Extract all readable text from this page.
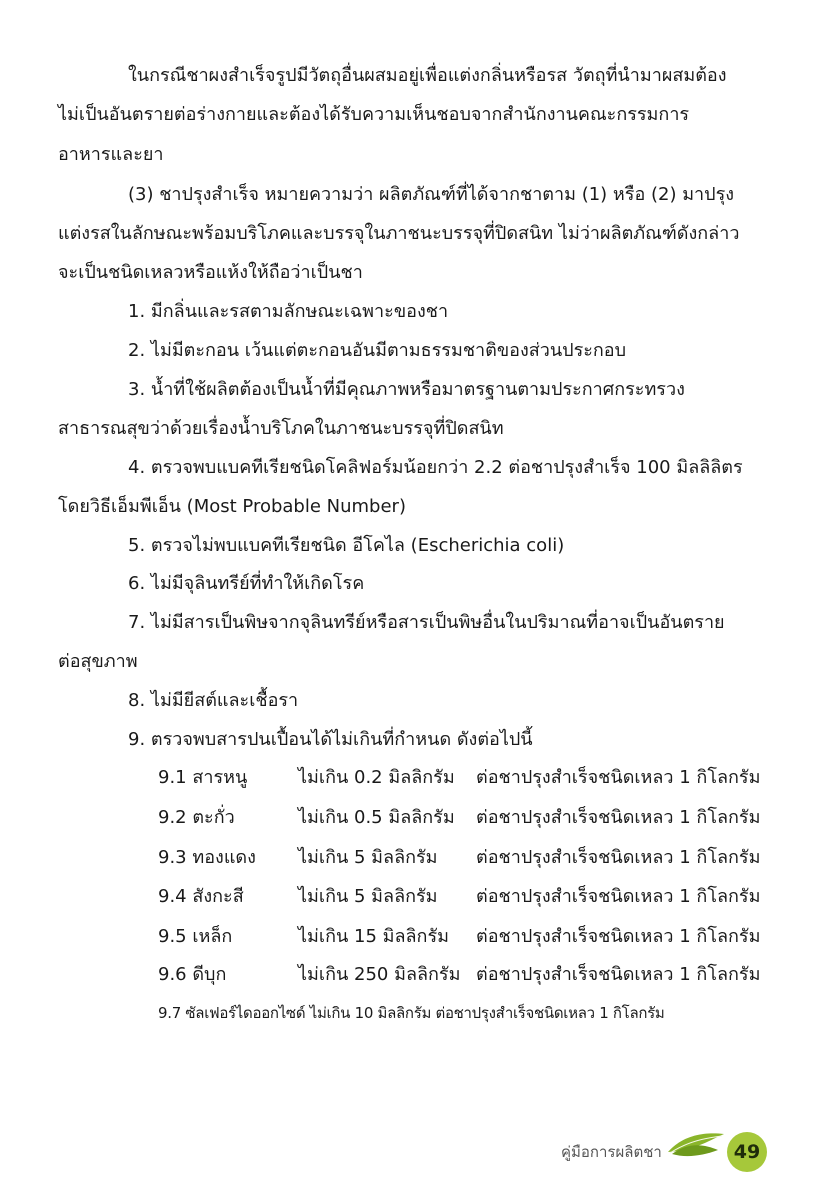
ในกรณีชาผงสำเร็จรูปมีวัตถุอื่นผสมอยู่เพื่อแต่งกลิ่นหรือรส วัตถุที่นำมาผสมต้อง
ไม่เป็นอันตรายต่อร่างกายและต้องได้รับความเห็นชอบจากสำนักงานคณะกรรมการ
อาหารและยา
(3) ชาปรุงสำเร็จ หมายความว่า ผลิตภัณฑ์ที่ได้จากชาตาม (1) หรือ (2) มาปรุง
แต่งรสในลักษณะพร้อมบริโภคและบรรจุในภาชนะบรรจุที่ปิดสนิท ไม่ว่าผลิตภัณฑ์ดังกล่าว
จะเป็นชนิดเหลวหรือแห้งให้ถือว่าเป็นชา
1. มีกลิ่นและรสตามลักษณะเฉพาะของชา
2. ไม่มีตะกอน เว้นแต่ตะกอนอันมีตามธรรมชาติของส่วนประกอบ
3. น้ำที่ใช้ผลิตต้องเป็นน้ำที่มีคุณภาพหรือมาตรฐานตามประกาศกระทรวง
สาธารณสุขว่าด้วยเรื่องน้ำบริโภคในภาชนะบรรจุที่ปิดสนิท
4. ตรวจพบแบคทีเรียชนิดโคลิฟอร์มน้อยกว่า 2.2 ต่อชาปรุงสำเร็จ 100 มิลลิลิตร
โดยวิธีเอ็มพีเอ็น (Most Probable Number)
5. ตรวจไม่พบแบคทีเรียชนิด อีโคไล (Escherichia coli)
6. ไม่มีจุลินทรีย์ที่ทำให้เกิดโรค
7. ไม่มีสารเป็นพิษจากจุลินทรีย์หรือสารเป็นพิษอื่นในปริมาณที่อาจเป็นอันตราย
ต่อสุขภาพ
8. ไม่มียีสต์และเชื้อรา
9. ตรวจพบสารปนเปื้อนได้ไม่เกินที่กำหนด ดังต่อไปนี้
9.1 สารหนู	ไม่เกิน 0.2 มิลลิกรัม ต่อชาปรุงสำเร็จชนิดเหลว 1 กิโลกรัม
9.2 ตะกั่ว	ไม่เกิน 0.5 มิลลิกรัม ต่อชาปรุงสำเร็จชนิดเหลว 1 กิโลกรัม
9.3 ทองแดง ไม่เกิน 5 มิลลิกรัม ต่อชาปรุงสำเร็จชนิดเหลว 1 กิโลกรัม
9.4 สังกะสี	ไม่เกิน 5 มิลลิกรัม ต่อชาปรุงสำเร็จชนิดเหลว 1 กิโลกรัม
9.5 เหล็ก	ไม่เกิน 15 มิลลิกรัม ต่อชาปรุงสำเร็จชนิดเหลว 1 กิโลกรัม
9.6 ดีบุก	ไม่เกิน 250 มิลลิกรัม ต่อชาปรุงสำเร็จชนิดเหลว 1 กิโลกรัม
9.7 ซัลเฟอร์ไดออกไซด์ ไม่เกิน 10 มิลลิกรัม ต่อชาปรุงสำเร็จชนิดเหลว 1 กิโลกรัม
คู่มือการผลิตชา	49
